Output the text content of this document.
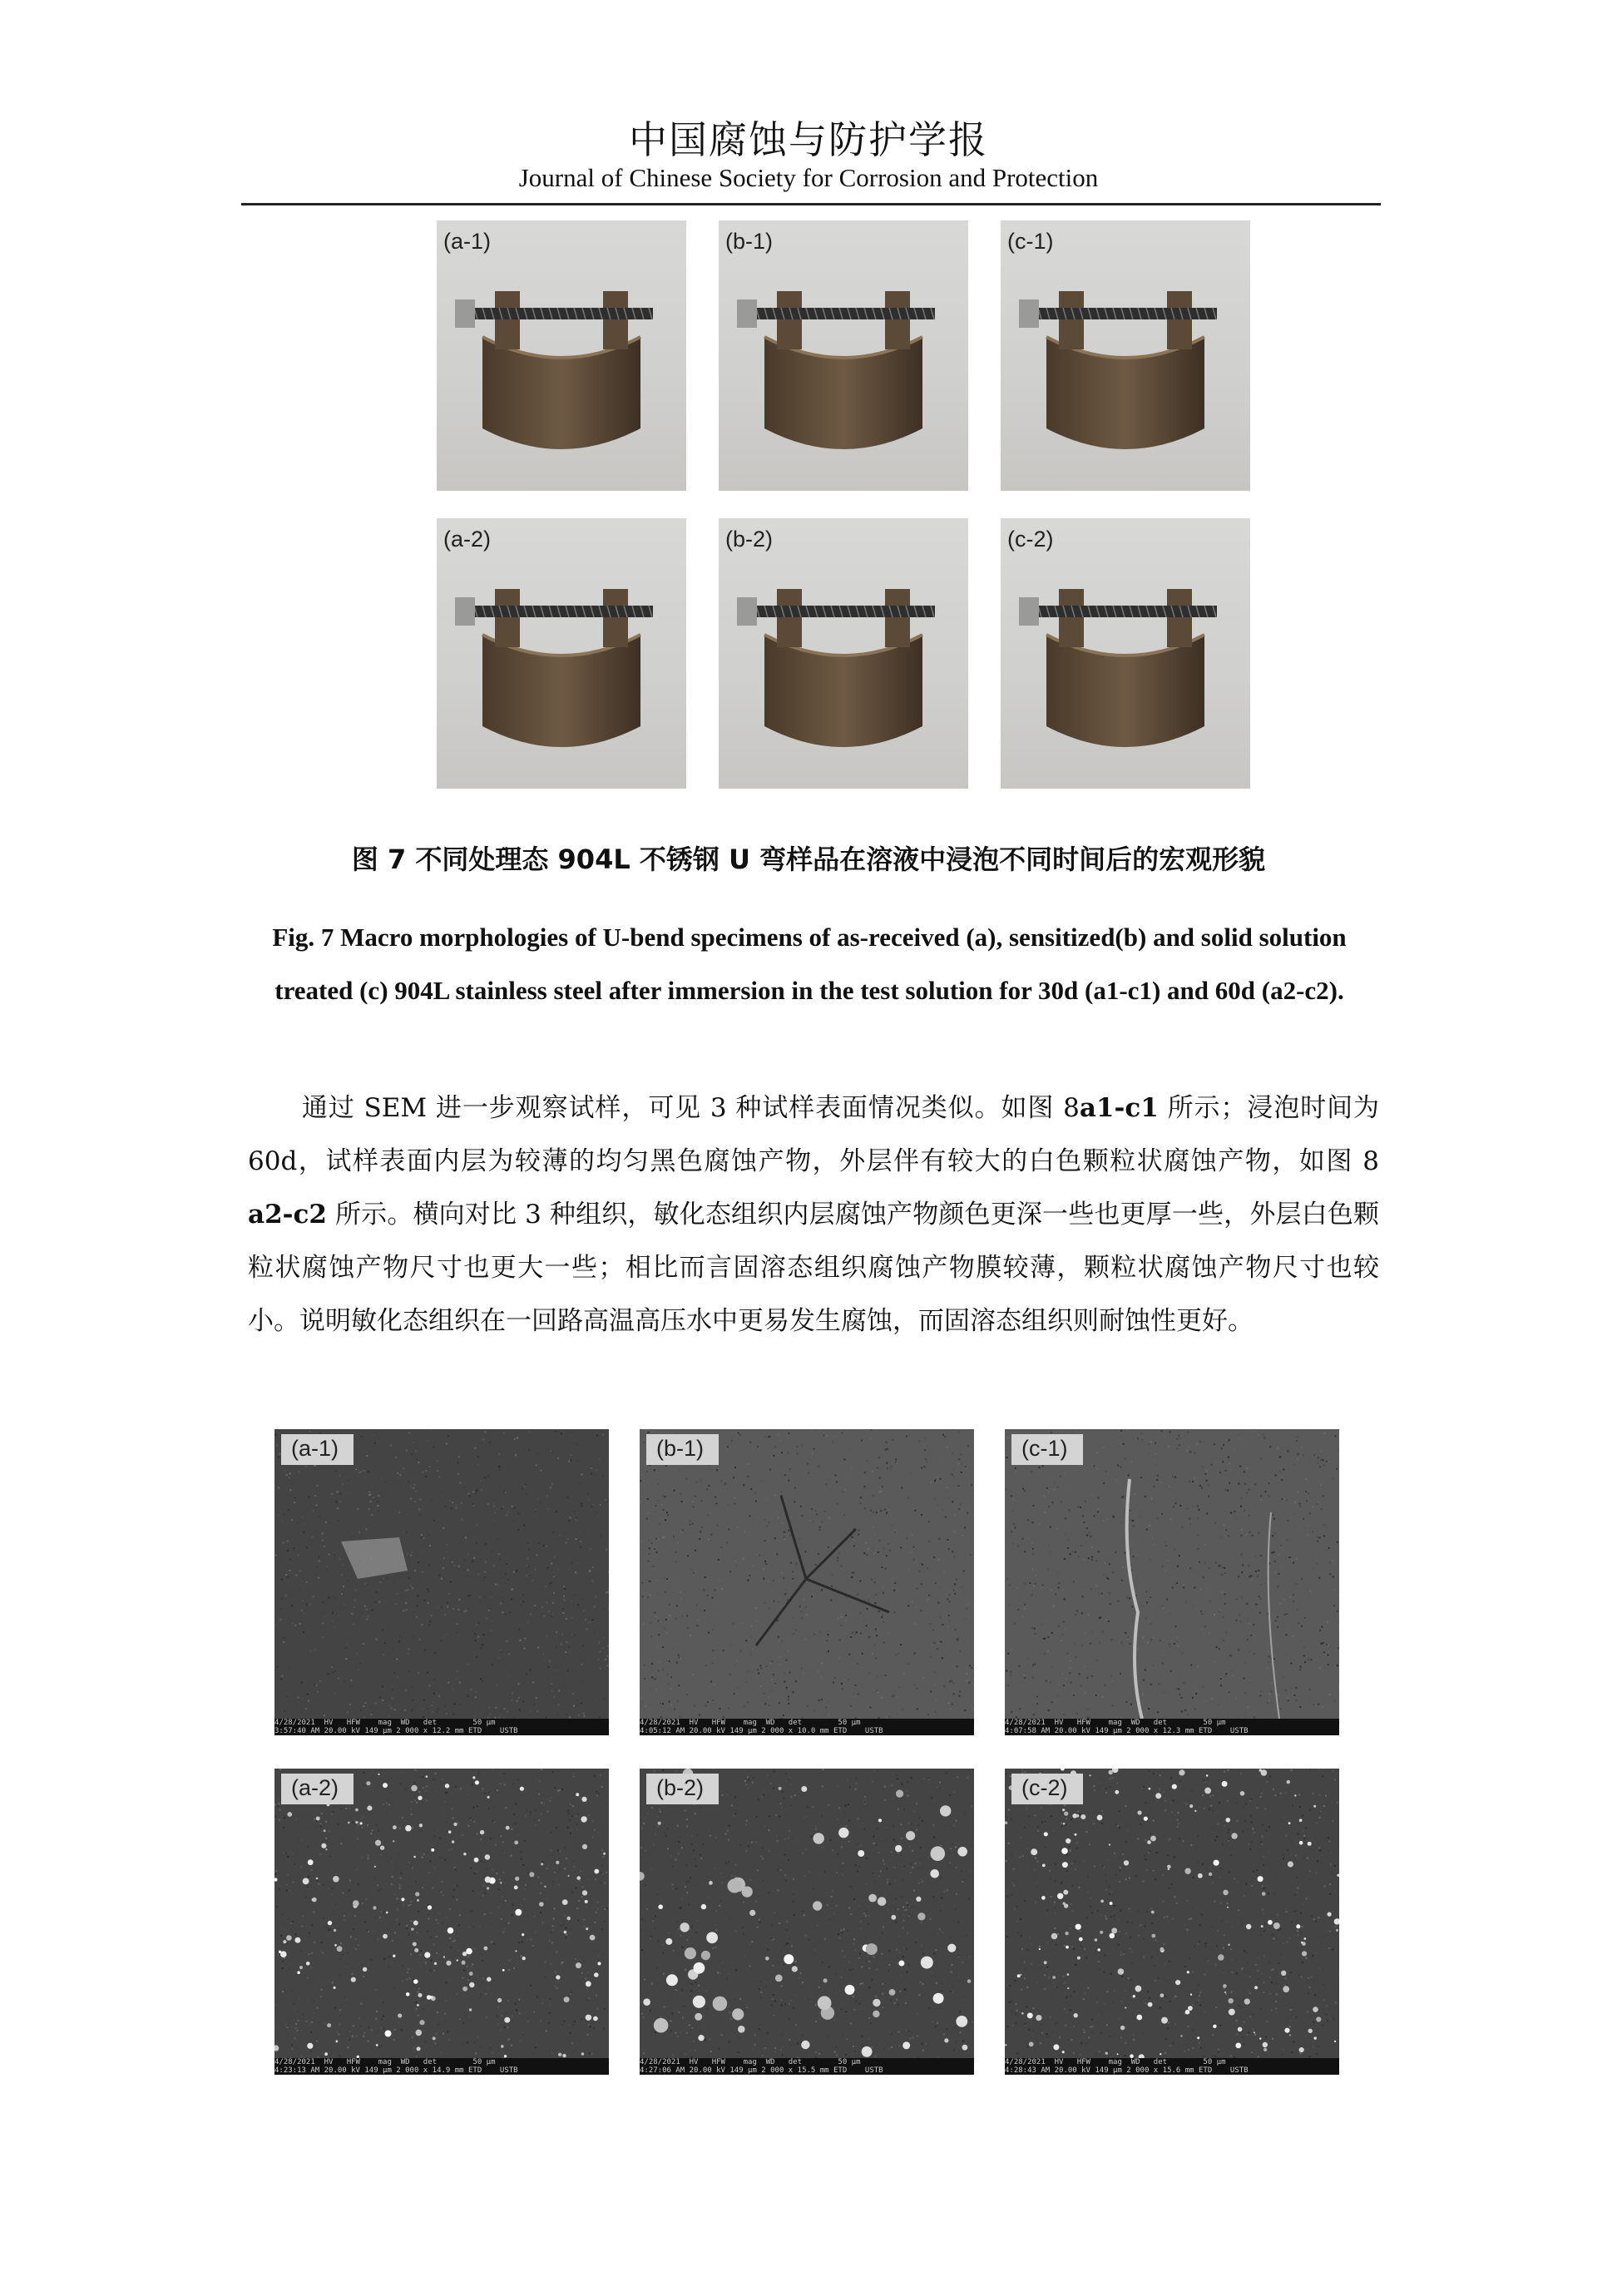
中国腐蚀与防护学报
Journal of Chinese Society for Corrosion and Protection
(a-1)	(b-1)	(c-1)
(a-2)	(b-2)	(c-2)
图 7 不同处理态 904L 不锈钢 U 弯样品在溶液中浸泡不同时间后的宏观形貌
Fig. 7 Macro morphologies of U-bend specimens of as-received (a), sensitized(b) and solid solution treated (c) 904L stainless steel after immersion in the test solution for 30d (a1-c1) and 60d (a2-c2).
通过 SEM 进一步观察试样，可见 3 种试样表面情况类似。如图 8a1-c1 所示；浸泡时间为 60d，试样表面内层为较薄的均匀黑色腐蚀产物，外层伴有较大的白色颗粒状腐蚀产物，如图 8 a2-c2 所示。横向对比 3 种组织，敏化态组织内层腐蚀产物颜色更深一些也更厚一些，外层白色颗粒状腐蚀产物尺寸也更大一些；相比而言固溶态组织腐蚀产物膜较薄，颗粒状腐蚀产物尺寸也较小。说明敏化态组织在一回路高温高压水中更易发生腐蚀，而固溶态组织则耐蚀性更好。
(a-1)
4/28/2021  HV   HFW    mag  WD   det        50 µm
3:57:40 AM 20.00 kV 149 µm 2 000 x 12.2 mm ETD    USTB
(b-1)
4/28/2021  HV   HFW    mag  WD   det        50 µm
4:05:12 AM 20.00 kV 149 µm 2 000 x 10.0 mm ETD    USTB
(c-1)
4/28/2021  HV   HFW    mag  WD   det        50 µm
4:07:58 AM 20.00 kV 149 µm 2 000 x 12.3 mm ETD    USTB
(a-2)
4/28/2021  HV   HFW    mag  WD   det        50 µm
4:23:13 AM 20.00 kV 149 µm 2 000 x 14.9 mm ETD    USTB
(b-2)
4/28/2021  HV   HFW    mag  WD   det        50 µm
4:27:06 AM 20.00 kV 149 µm 2 000 x 15.5 mm ETD    USTB
(c-2)
4/28/2021  HV   HFW    mag  WD   det        50 µm
4:28:43 AM 20.00 kV 149 µm 2 000 x 15.6 mm ETD    USTB
